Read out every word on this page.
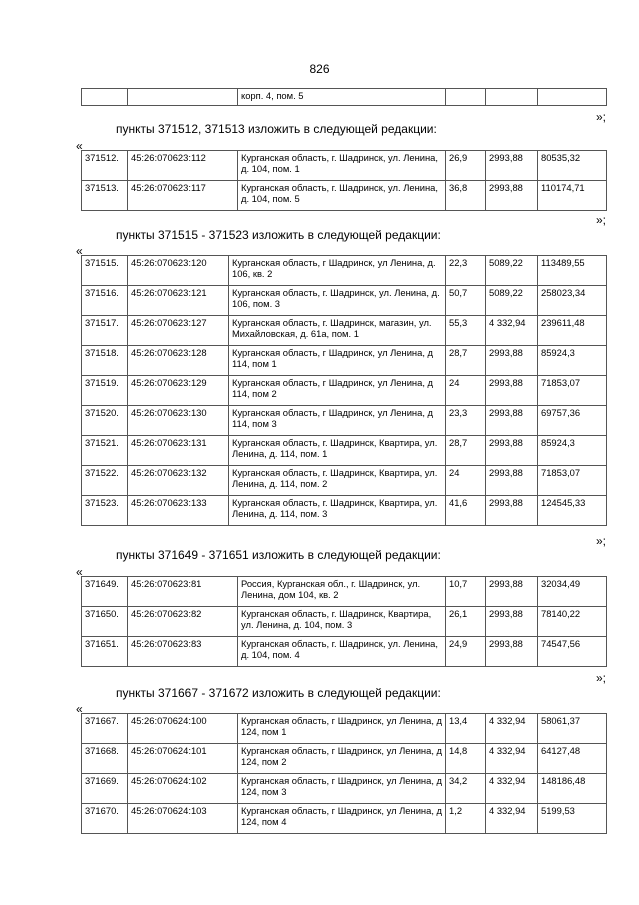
826
		корп. 4, пом. 5			
»;
пункты 371512, 371513 изложить в следующей редакции:
«
371512.	45:26:070623:112	Курганская область, г. Шадринск, ул. Ленина, д. 104, пом. 1	26,9	2993,88	80535,32
371513.	45:26:070623:117	Курганская область, г. Шадринск, ул. Ленина, д. 104, пом. 5	36,8	2993,88	110174,71
»;
пункты 371515 - 371523 изложить в следующей редакции:
«
371515.	45:26:070623:120	Курганская область, г Шадринск, ул Ленина, д. 106, кв. 2	22,3	5089,22	113489,55
371516.	45:26:070623:121	Курганская область, г. Шадринск, ул. Ленина, д. 106, пом. 3	50,7	5089,22	258023,34
371517.	45:26:070623:127	Курганская область, г. Шадринск, магазин, ул. Михайловская, д. 61а, пом. 1	55,3	4 332,94	239611,48
371518.	45:26:070623:128	Курганская область, г Шадринск, ул Ленина, д 114, пом 1	28,7	2993,88	85924,3
371519.	45:26:070623:129	Курганская область, г Шадринск, ул Ленина, д 114, пом 2	24	2993,88	71853,07
371520.	45:26:070623:130	Курганская область, г Шадринск, ул Ленина, д 114, пом 3	23,3	2993,88	69757,36
371521.	45:26:070623:131	Курганская область, г. Шадринск, Квартира, ул. Ленина, д. 114, пом. 1	28,7	2993,88	85924,3
371522.	45:26:070623:132	Курганская область, г. Шадринск, Квартира, ул. Ленина, д. 114, пом. 2	24	2993,88	71853,07
371523.	45:26:070623:133	Курганская область, г. Шадринск, Квартира, ул. Ленина, д. 114, пом. 3	41,6	2993,88	124545,33
»;
пункты 371649 - 371651 изложить в следующей редакции:
«
371649.	45:26:070623:81	Россия, Курганская обл., г. Шадринск, ул. Ленина, дом 104, кв. 2	10,7	2993,88	32034,49
371650.	45:26:070623:82	Курганская область, г. Шадринск, Квартира, ул. Ленина, д. 104, пом. 3	26,1	2993,88	78140,22
371651.	45:26:070623:83	Курганская область, г. Шадринск, ул. Ленина, д. 104, пом. 4	24,9	2993,88	74547,56
»;
пункты 371667 - 371672 изложить в следующей редакции:
«
371667.	45:26:070624:100	Курганская область, г Шадринск, ул Ленина, д 124, пом 1	13,4	4 332,94	58061,37
371668.	45:26:070624:101	Курганская область, г Шадринск, ул Ленина, д 124, пом 2	14,8	4 332,94	64127,48
371669.	45:26:070624:102	Курганская область, г Шадринск, ул Ленина, д 124, пом 3	34,2	4 332,94	148186,48
371670.	45:26:070624:103	Курганская область, г Шадринск, ул Ленина, д 124, пом 4	1,2	4 332,94	5199,53
